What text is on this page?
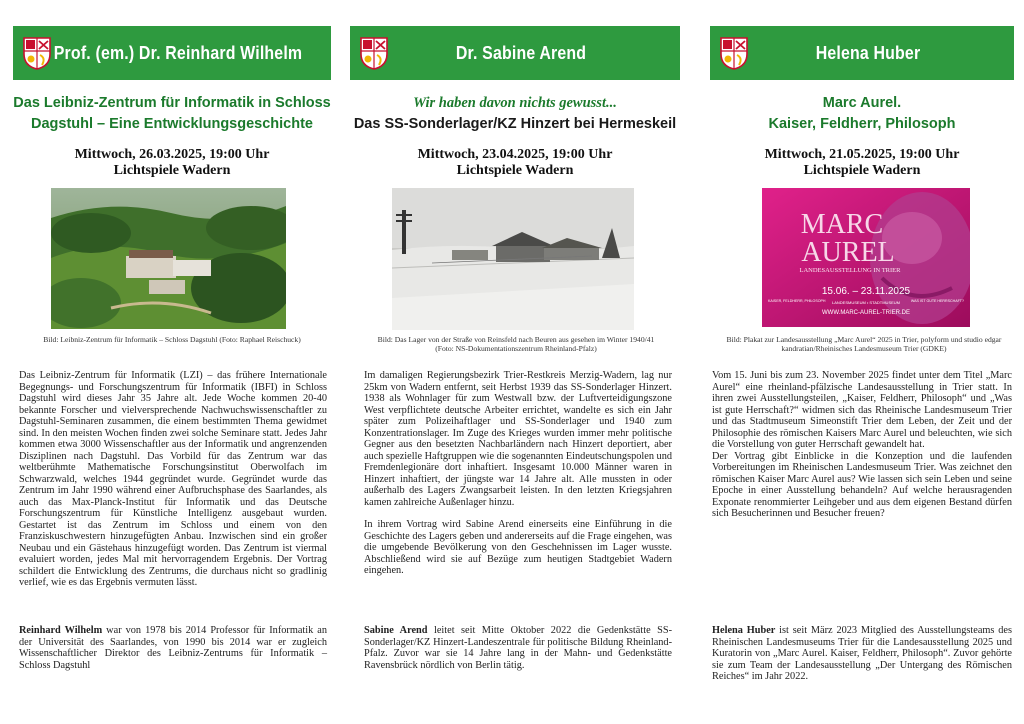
Prof. (em.) Dr. Reinhard Wilhelm
Das Leibniz-Zentrum für Informatik in Schloss
Dagstuhl – Eine Entwicklungsgeschichte
Mittwoch, 26.03.2025, 19:00 Uhr
Lichtspiele Wadern
Bild: Leibniz-Zentrum für Informatik – Schloss Dagstuhl (Foto: Raphael Reischuck)

Das Leibniz-Zentrum für Informatik (LZI) – das frühere Internationale Begegnungs- und Forschungszentrum für Informatik (IBFI) in Schloss Dagstuhl wird dieses Jahr 35 Jahre alt. Jede Woche kommen 20-40 bekannte Forscher und vielversprechende Nachwuchswissenschaftler zu Dagstuhl-Seminaren zusammen, die einem bestimmten Thema gewidmet sind. In den meisten Wochen finden zwei solche Seminare statt. Jedes Jahr kommen etwa 3000 Wissenschaftler aus der Informatik und angrenzenden Disziplinen nach Dagstuhl. Das Vorbild für das Zentrum war das weltberühmte Mathematische Forschungsinstitut Oberwolfach im Schwarzwald, welches 1944 gegründet wurde. Gegründet wurde das Zentrum im Jahr 1990 während einer Aufbruchsphase des Saarlandes, als auch das Max-Planck-Institut für Informatik und das Deutsche Forschungszentrum für Künstliche Intelligenz ausgebaut wurden. Gestartet ist das Zentrum im Schloss und einem von den Franziskuschwestern hinzugefügten Anbau. Inzwischen sind ein großer Neubau und ein Gästehaus hinzugefügt worden. Das Zentrum ist viermal evaluiert worden, jedes Mal mit hervorragendem Ergebnis. Der Vortrag schildert die Entwicklung des Zentrums, die durchaus nicht so gradlinig verlief, wie es das Ergebnis vermuten lässt.

Reinhard Wilhelm war von 1978 bis 2014 Professor für Informatik an der Universität des Saarlandes, von 1990 bis 2014 war er zugleich Wissenschaftlicher Direktor des Leibniz-Zentrums für Informatik – Schloss Dagstuhl
Dr. Sabine Arend
Wir haben davon nichts gewusst...
Das SS-Sonderlager/KZ Hinzert bei Hermeskeil
Mittwoch, 23.04.2025, 19:00 Uhr
Lichtspiele Wadern
Bild: Das Lager von der Straße von Reinsfeld nach Beuren aus gesehen im Winter 1940/41 (Foto: NS-Dokumentationszentrum Rheinland-Pfalz)

Im damaligen Regierungsbezirk Trier-Restkreis Merzig-Wadern, lag nur 25km von Wadern entfernt, seit Herbst 1939 das SS-Sonderlager Hinzert. 1938 als Wohnlager für zum Westwall bzw. der Luftverteidigungszone West verpflichtete deutsche Arbeiter errichtet, wandelte es sich ein Jahr später zum Polizeihaftlager und SS-Sonderlager und 1940 zum Konzentrationslager. Im Zuge des Krieges wurden immer mehr politische Gegner aus den besetzten Nachbarländern nach Hinzert deportiert, aber auch spezielle Haftgruppen wie die sogenannten Eindeutschungspolen und Fremdenlegionäre dort inhaftiert. Insgesamt 10.000 Männer waren in Hinzert inhaftiert, der jüngste war 14 Jahre alt. Alle mussten in oder außerhalb des Lagers Zwangsarbeit leisten. In den letzten Kriegsjahren kamen zahlreiche Außenlager hinzu.

In ihrem Vortrag wird Sabine Arend einerseits eine Einführung in die Geschichte des Lagers geben und andererseits auf die Frage eingehen, was die umgebende Bevölkerung von den Geschehnissen im Lager wusste. Abschließend wird sie auf Bezüge zum heutigen Stadtgebiet Wadern eingehen.

Sabine Arend leitet seit Mitte Oktober 2022 die Gedenkstätte SS-Sonderlager/KZ Hinzert-Landeszentrale für politische Bildung Rheinland-Pfalz. Zuvor war sie 14 Jahre lang in der Mahn- und Gedenkstätte Ravensbrück nördlich von Berlin tätig.
Helena Huber
Marc Aurel.
Kaiser, Feldherr, Philosoph
Mittwoch, 21.05.2025, 19:00 Uhr
Lichtspiele Wadern
MARC
AUREL
LANDESAUSSTELLUNG IN TRIER
15.06. – 23.11.2025
KAISER, FELDHERR, PHILOSOPH	WAS IST GUTE HERRSCHAFT?
LANDESMUSEUM • STADTMUSEUM
WWW.MARC-AUREL-TRIER.DE
Bild: Plakat zur Landesausstellung „Marc Aurel“ 2025 in Trier, polyform und studio edgar kandratian/Rheinisches Landesmuseum Trier (GDKE)

Vom 15. Juni bis zum 23. November 2025 findet unter dem Titel „Marc Aurel“ eine rheinland-pfälzische Landesausstellung in Trier statt. In ihren zwei Ausstellungsteilen, „Kaiser, Feldherr, Philosoph“ und „Was ist gute Herrschaft?“ widmen sich das Rheinische Landesmuseum Trier und das Stadtmuseum Simeonstift Trier dem Leben, der Zeit und der Philosophie des römischen Kaisers Marc Aurel und beleuchten, wie sich die Vorstellung von guter Herrschaft gewandelt hat.

Der Vortrag gibt Einblicke in die Konzeption und die laufenden Vorbereitungen im Rheinischen Landesmuseum Trier. Was zeichnet den römischen Kaiser Marc Aurel aus? Wie lassen sich sein Leben und seine Epoche in einer Ausstellung behandeln? Auf welche herausragenden Exponate renommierter Leihgeber und aus dem eigenen Bestand dürfen sich Besucherinnen und Besucher freuen?

Helena Huber ist seit März 2023 Mitglied des Ausstellungsteams des Rheinischen Landesmuseums Trier für die Landesausstellung 2025 und Kuratorin von „Marc Aurel. Kaiser, Feldherr, Philosoph“. Zuvor gehörte sie zum Team der Landesausstellung „Der Untergang des Römischen Reiches“ im Jahr 2022.
